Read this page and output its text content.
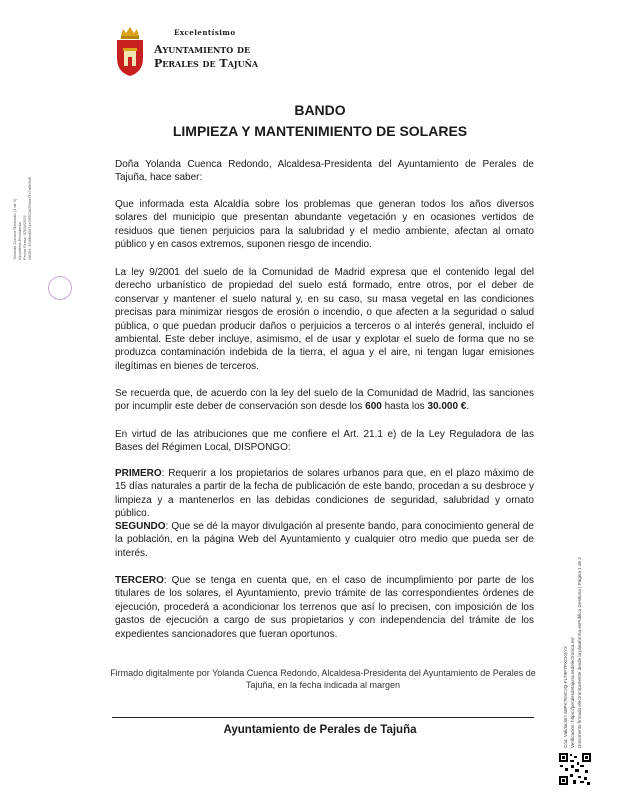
Excelentísimo
Ayuntamiento de
Perales de Tajuña
BANDO
LIMPIEZA Y MANTENIMIENTO DE SOLARES

Doña Yolanda Cuenca Redondo, Alcaldesa-Presidenta del Ayuntamiento de Perales de Tajuña, hace saber:

Que informada esta Alcaldía sobre los problemas que generan todos los años diversos solares del municipio que presentan abundante vegetación y en ocasiones vertidos de residuos que tienen perjuicios para la salubridad y el medio ambiente, afectan al ornato público y en casos extremos, suponen riesgo de incendio.

La ley 9/2001 del suelo de la Comunidad de Madrid expresa que el contenido legal del derecho urbanístico de propiedad del suelo está formado, entre otros, por el deber de conservar y mantener el suelo natural y, en su caso, su masa vegetal en las condiciones precisas para minimizar riesgos de erosión o incendio, o que afecten a la seguridad o salud pública, o que puedan producir daños o perjuicios a terceros o al interés general, incluido el ambiental. Este deber incluye, asimismo, el de usar y explotar el suelo de forma que no se produzca contaminación indebida de la tierra, el agua y el aire, ni tengan lugar emisiones ilegítimas en bienes de terceros.

Se recuerda que, de acuerdo con la ley del suelo de la Comunidad de Madrid, las sanciones por incumplir este deber de conservación son desde los 600 hasta los 30.000 €.

En virtud de las atribuciones que me confiere el Art. 21.1 e) de la Ley Reguladora de las Bases del Régimen Local, DISPONGO:

PRIMERO: Requerir a los propietarios de solares urbanos para que, en el plazo máximo de 15 días naturales a partir de la fecha de publicación de este bando, procedan a su desbroce y limpieza y a mantenerlos en las debidas condiciones de seguridad, salubridad y ornato público.

SEGUNDO: Que se dé la mayor divulgación al presente bando, para conocimiento general de la población, en la página Web del Ayuntamiento y cualquier otro medio que pueda ser de interés.

TERCERO: Que se tenga en cuenta que, en el caso de incumplimiento por parte de los titulares de los solares, el Ayuntamiento, previo trámite de las correspondientes órdenes de ejecución, procederá a acondicionar los terrenos que así lo precisen, con imposición de los gastos de ejecución a cargo de sus propietarios y con independencia del trámite de los expedientes sancionadores que fueran oportunos.

Firmado digitalmente por Yolanda Cuenca Redondo, Alcaldesa-Presidenta del Ayuntamiento de Perales de Tajuña, en la fecha indicada al margen
Ayuntamiento de Perales de Tajuña
Yolanda Cuenca Redondo (1 de 1) Alcaldesa-Presidenta Fecha Firma: 07/04/2025 HASH: 1536bd0071e29952b2f4ea77c7a6b946
Cód. Validación: 69PK7E9C2Q-FLT9P7PXCK5YX Verificación: https://peralesdetajuna.sedelectronica.es/ Documento firmado electrónicamente desde la plataforma esPublico Gestiona | Página 1 de 2
